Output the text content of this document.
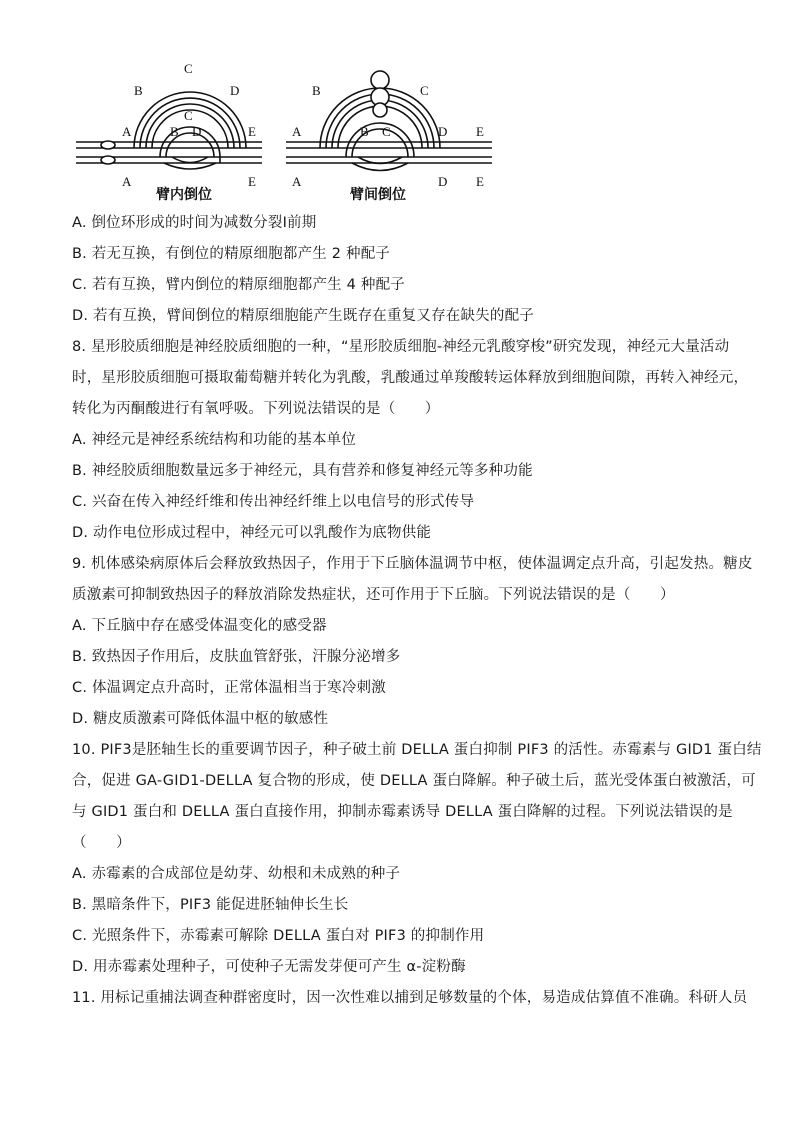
C
B	D
C
A	B D	E
A	E
臂内倒位
B	C
A	B C	D E
A	D E
臂间倒位
A. 倒位环形成的时间为减数分裂Ⅰ前期
B. 若无互换，有倒位的精原细胞都产生 2 种配子
C. 若有互换，臂内倒位的精原细胞都产生 4 种配子
D. 若有互换，臂间倒位的精原细胞能产生既存在重复又存在缺失的配子
8. 星形胶质细胞是神经胶质细胞的一种，“星形胶质细胞-神经元乳酸穿梭”研究发现，神经元大量活动
时，星形胶质细胞可摄取葡萄糖并转化为乳酸，乳酸通过单羧酸转运体释放到细胞间隙，再转入神经元，
转化为丙酮酸进行有氧呼吸。下列说法错误的是（　　）
A. 神经元是神经系统结构和功能的基本单位
B. 神经胶质细胞数量远多于神经元，具有营养和修复神经元等多种功能
C. 兴奋在传入神经纤维和传出神经纤维上以电信号的形式传导
D. 动作电位形成过程中，神经元可以乳酸作为底物供能
9. 机体感染病原体后会释放致热因子，作用于下丘脑体温调节中枢，使体温调定点升高，引起发热。糖皮
质激素可抑制致热因子的释放消除发热症状，还可作用于下丘脑。下列说法错误的是（　　）
A. 下丘脑中存在感受体温变化的感受器
B. 致热因子作用后，皮肤血管舒张，汗腺分泌增多
C. 体温调定点升高时，正常体温相当于寒冷刺激
D. 糖皮质激素可降低体温中枢的敏感性
10. PIF3是胚轴生长的重要调节因子，种子破土前 DELLA 蛋白抑制 PIF3 的活性。赤霉素与 GID1 蛋白结
合，促进 GA-GID1-DELLA 复合物的形成，使 DELLA 蛋白降解。种子破土后，蓝光受体蛋白被激活，可
与 GID1 蛋白和 DELLA 蛋白直接作用，抑制赤霉素诱导 DELLA 蛋白降解的过程。下列说法错误的是
（　　）
A. 赤霉素的合成部位是幼芽、幼根和未成熟的种子
B. 黑暗条件下，PIF3 能促进胚轴伸长生长
C. 光照条件下，赤霉素可解除 DELLA 蛋白对 PIF3 的抑制作用
D. 用赤霉素处理种子，可使种子无需发芽便可产生 α-淀粉酶
11. 用标记重捕法调查种群密度时，因一次性难以捕到足够数量的个体，易造成估算值不准确。科研人员
